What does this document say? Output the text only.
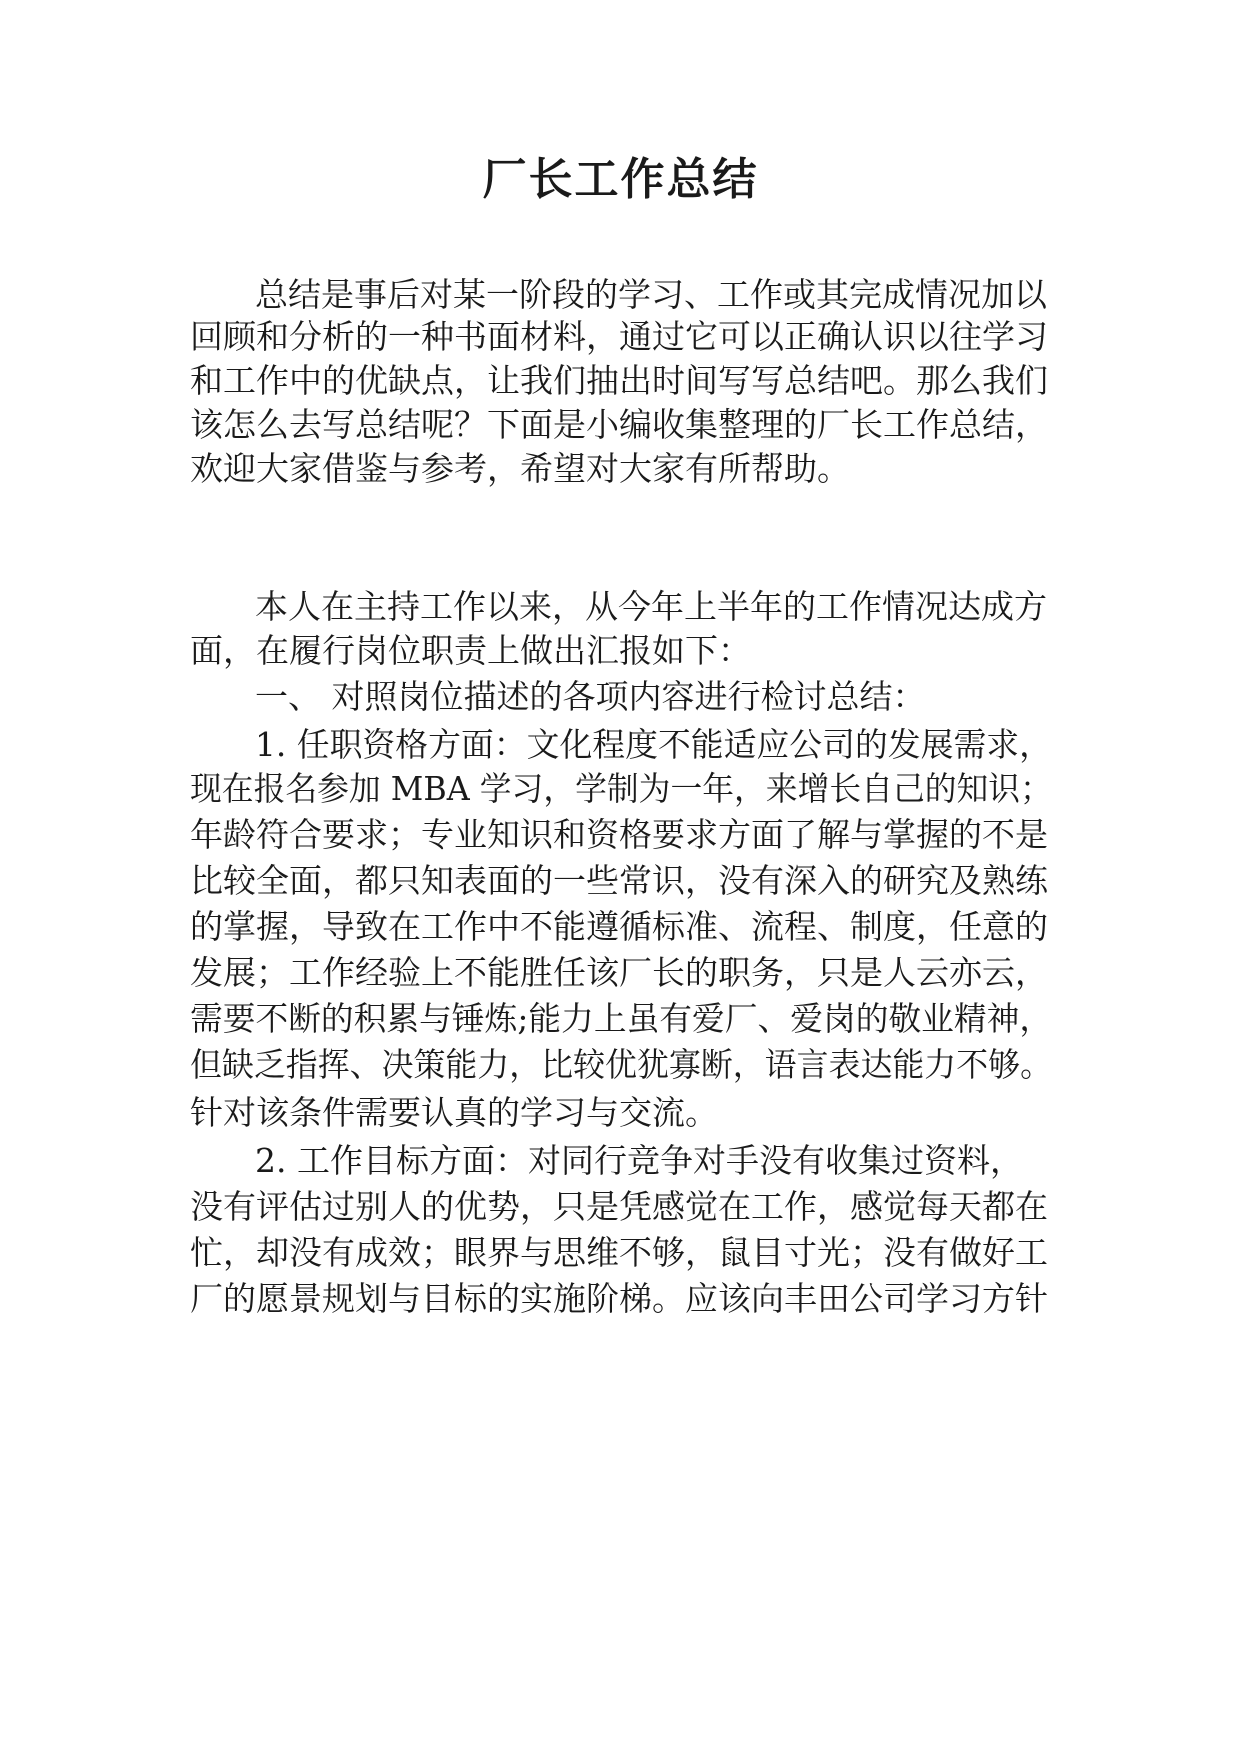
厂长工作总结

总结是事后对某一阶段的学习、工作或其完成情况加以

回顾和分析的一种书面材料，通过它可以正确认识以往学习

和工作中的优缺点，让我们抽出时间写写总结吧。那么我们

该怎么去写总结呢？下面是小编收集整理的厂长工作总结，

欢迎大家借鉴与参考，希望对大家有所帮助。

本人在主持工作以来，从今年上半年的工作情况达成方

面，在履行岗位职责上做出汇报如下：

一、 对照岗位描述的各项内容进行检讨总结：

1. 任职资格方面：文化程度不能适应公司的发展需求，

现在报名参加 MBA 学习，学制为一年，来增长自己的知识；

年龄符合要求；专业知识和资格要求方面了解与掌握的不是

比较全面，都只知表面的一些常识，没有深入的研究及熟练

的掌握，导致在工作中不能遵循标准、流程、制度，任意的

发展；工作经验上不能胜任该厂长的职务，只是人云亦云，

需要不断的积累与锤炼;能力上虽有爱厂、爱岗的敬业精神，

但缺乏指挥、决策能力，比较优犹寡断，语言表达能力不够。

针对该条件需要认真的学习与交流。

2. 工作目标方面：对同行竞争对手没有收集过资料，

没有评估过别人的优势，只是凭感觉在工作，感觉每天都在

忙，却没有成效；眼界与思维不够，鼠目寸光；没有做好工

厂的愿景规划与目标的实施阶梯。应该向丰田公司学习方针
